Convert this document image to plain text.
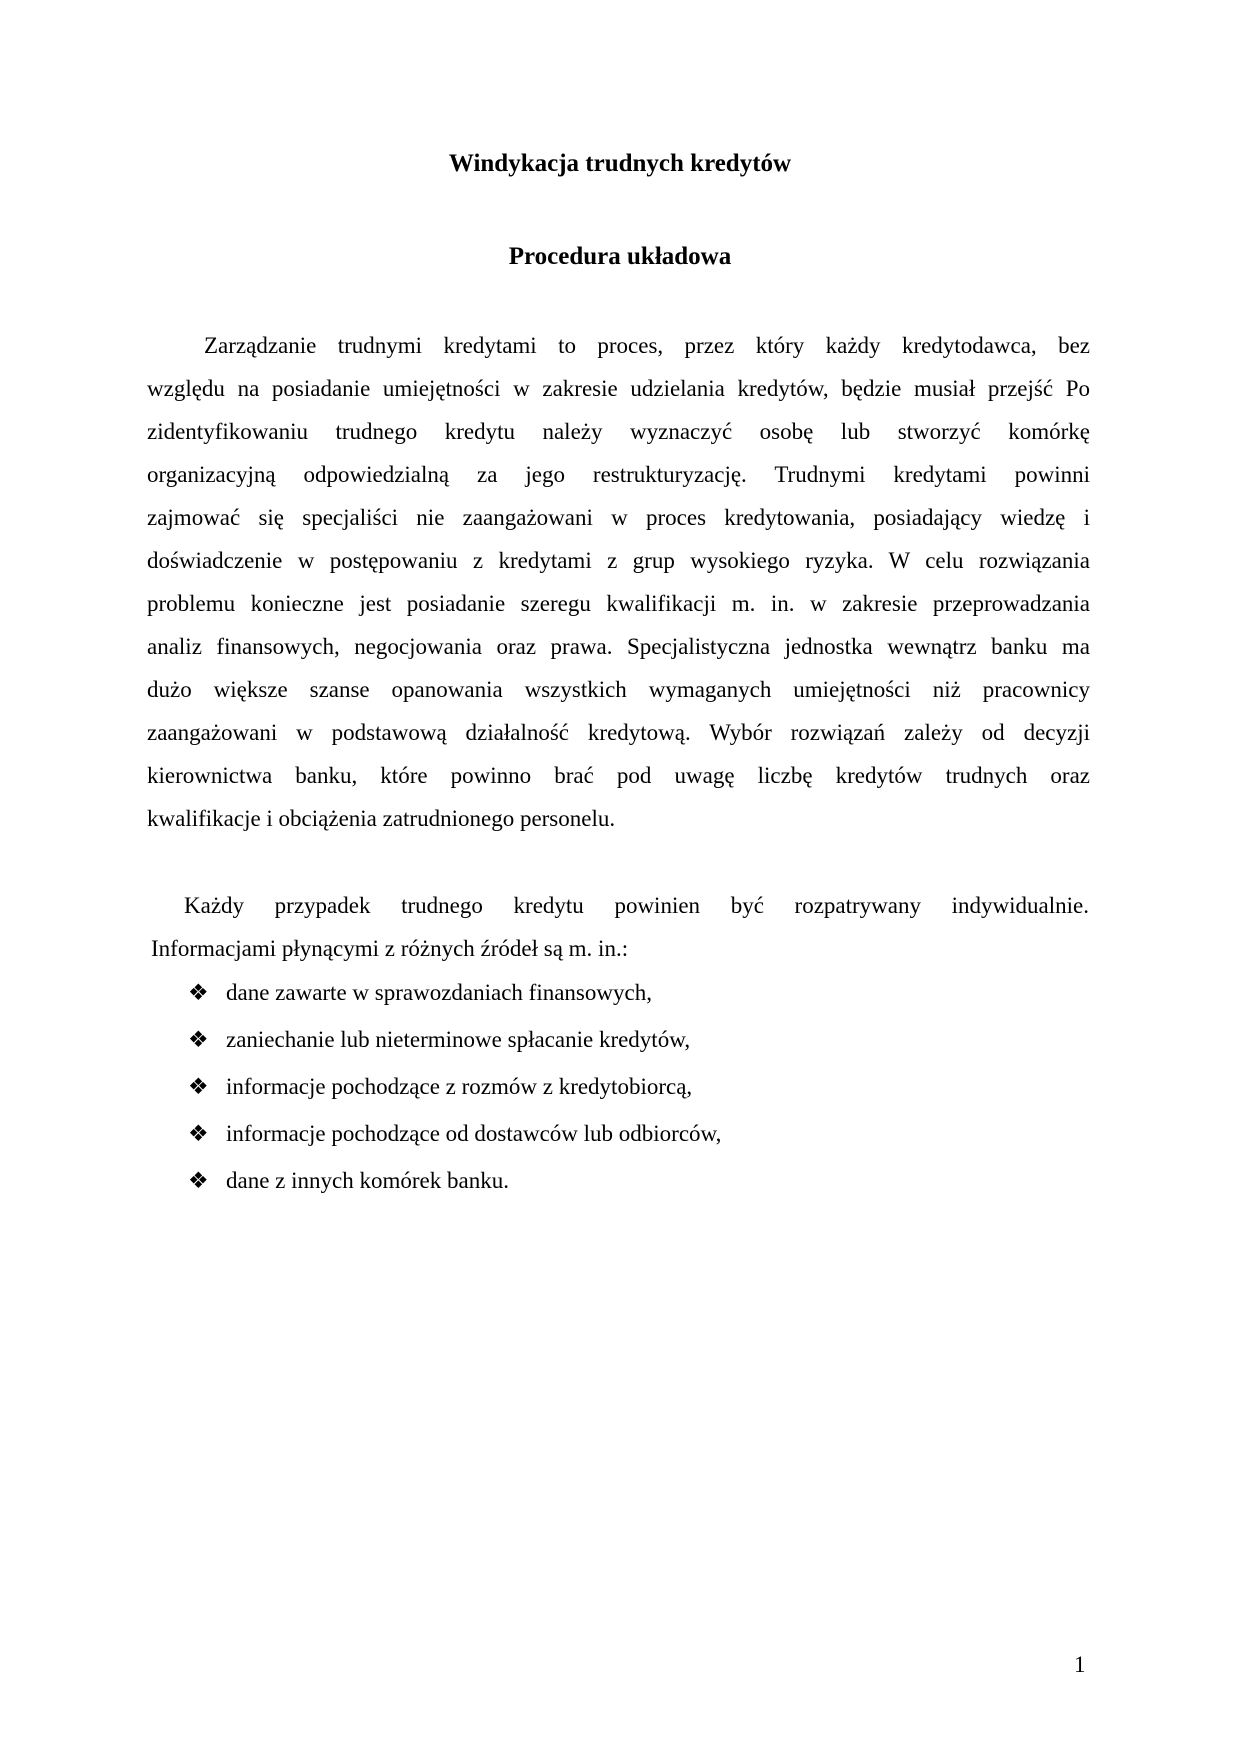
Windykacja trudnych kredytów
Procedura układowa
Zarządzanie trudnymi kredytami to proces, przez który każdy kredytodawca, bez
względu na posiadanie umiejętności w zakresie udzielania kredytów, będzie musiał przejść Po
zidentyfikowaniu trudnego kredytu należy wyznaczyć osobę lub stworzyć komórkę
organizacyjną odpowiedzialną za jego restrukturyzację. Trudnymi kredytami powinni
zajmować się specjaliści nie zaangażowani w proces kredytowania, posiadający wiedzę i
doświadczenie w postępowaniu z kredytami z grup wysokiego ryzyka. W celu rozwiązania
problemu konieczne jest posiadanie szeregu kwalifikacji m. in. w zakresie przeprowadzania
analiz finansowych, negocjowania oraz prawa. Specjalistyczna jednostka wewnątrz banku ma
dużo większe szanse opanowania wszystkich wymaganych umiejętności niż pracownicy
zaangażowani w podstawową działalność kredytową. Wybór rozwiązań zależy od decyzji
kierownictwa banku, które powinno brać pod uwagę liczbę kredytów trudnych oraz
kwalifikacje i obciążenia zatrudnionego personelu.
Każdy przypadek trudnego kredytu powinien być rozpatrywany indywidualnie.
Informacjami płynącymi z różnych źródeł są m. in.:
❖ dane zawarte w sprawozdaniach finansowych,
❖ zaniechanie lub nieterminowe spłacanie kredytów,
❖ informacje pochodzące z rozmów z kredytobiorcą,
❖ informacje pochodzące od dostawców lub odbiorców,
❖ dane z innych komórek banku.
1
